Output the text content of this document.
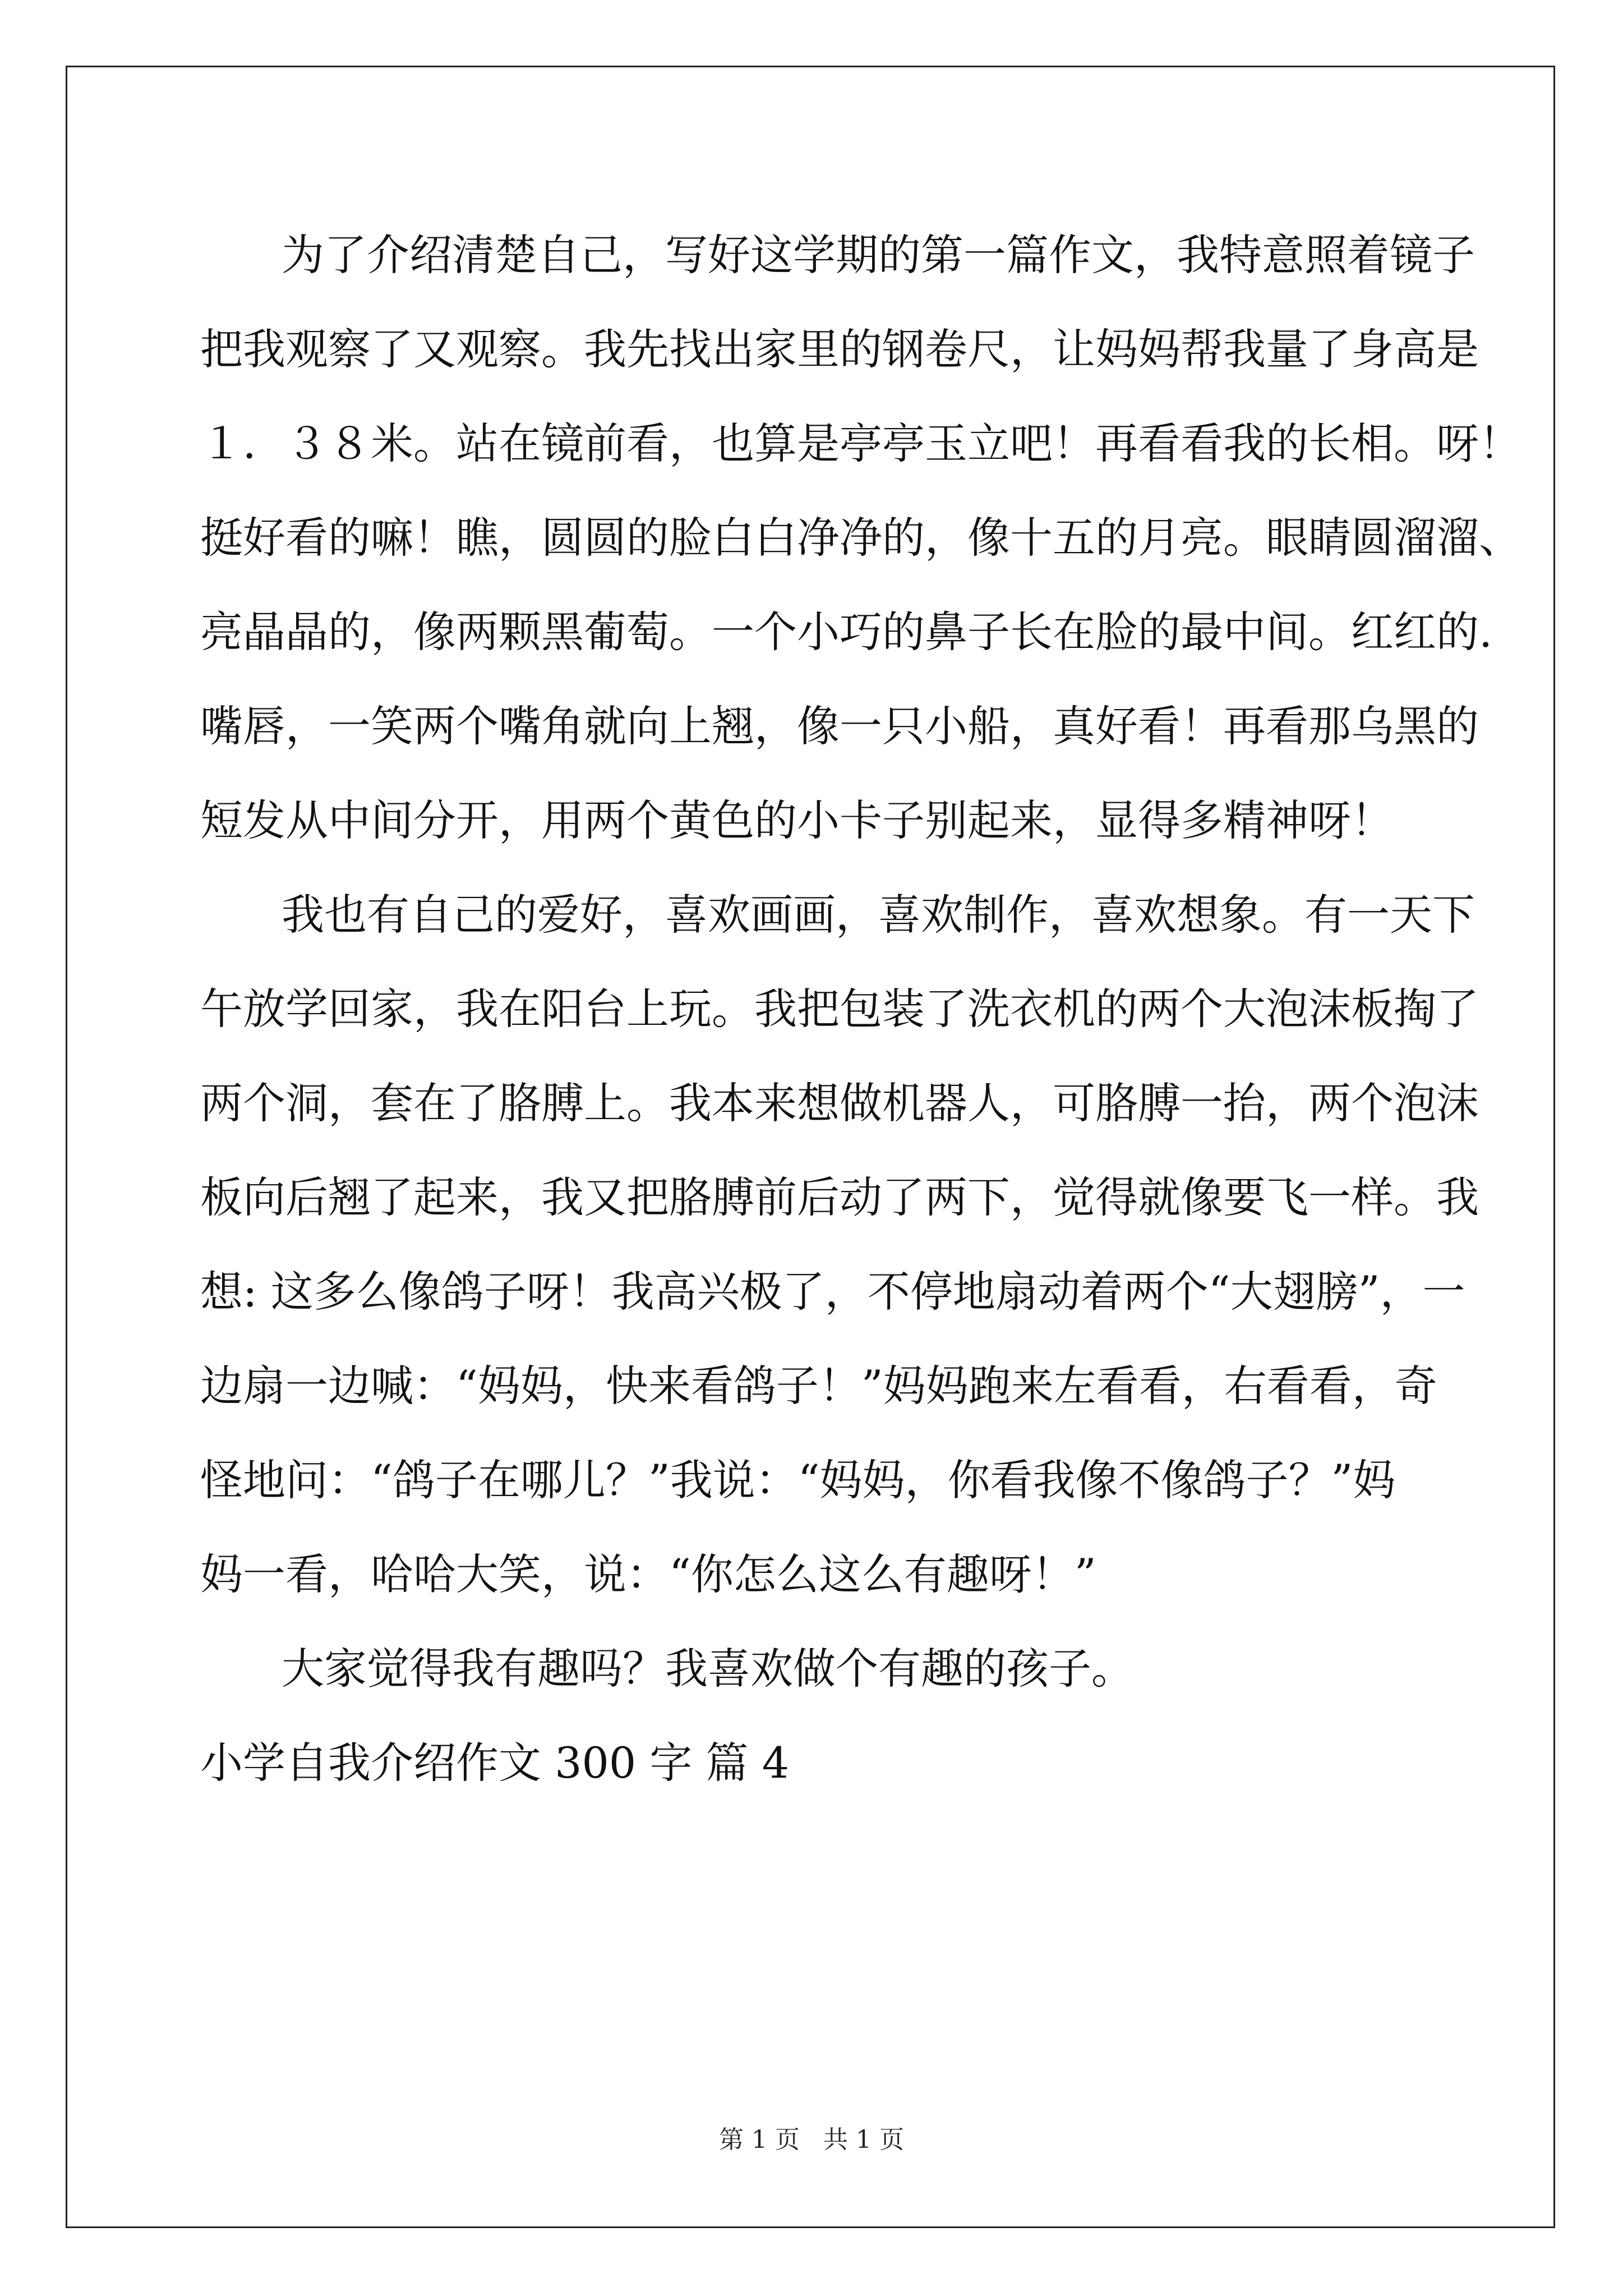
为了介绍清楚自己，写好这学期的第一篇作文，我特意照着镜子
把我观察了又观察。我先找出家里的钢卷尺，让妈妈帮我量了身高是
１．３８米。站在镜前看，也算是亭亭玉立吧！再看看我的长相。呀！
挺好看的嘛！瞧，圆圆的脸白白净净的，像十五的月亮。眼睛圆溜溜、
亮晶晶的，像两颗黑葡萄。一个小巧的鼻子长在脸的最中间。红红的.
嘴唇，一笑两个嘴角就向上翘，像一只小船，真好看！再看那乌黑的
短发从中间分开，用两个黄色的小卡子别起来，显得多精神呀！
我也有自己的爱好，喜欢画画，喜欢制作，喜欢想象。有一天下
午放学回家，我在阳台上玩。我把包装了洗衣机的两个大泡沫板掏了
两个洞，套在了胳膊上。我本来想做机器人，可胳膊一抬，两个泡沫
板向后翘了起来，我又把胳膊前后动了两下，觉得就像要飞一样。我
想: 这多么像鸽子呀！我高兴极了，不停地扇动着两个“大翅膀”，一
边扇一边喊：“妈妈，快来看鸽子！”妈妈跑来左看看，右看看，奇
怪地问：“鸽子在哪儿？”我说：“妈妈，你看我像不像鸽子？”妈
妈一看，哈哈大笑，说：“你怎么这么有趣呀！”
大家觉得我有趣吗？我喜欢做个有趣的孩子。
小学自我介绍作文 300 字 篇 4
第 1 页 共 1 页
